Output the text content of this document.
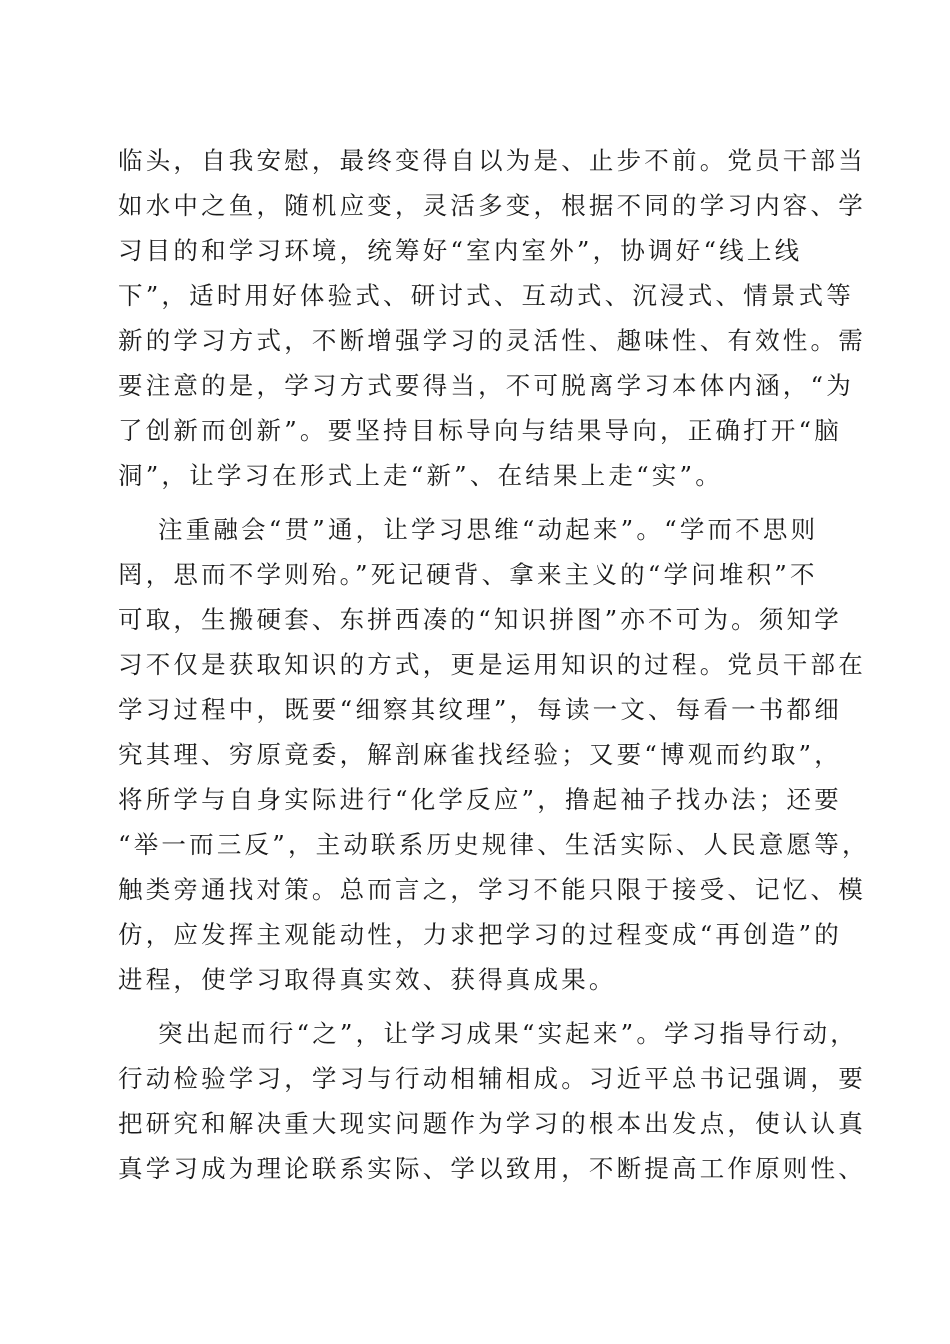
临头，自我安慰，最终变得自以为是、止步不前。党员干部当
如水中之鱼，随机应变，灵活多变，根据不同的学习内容、学
习目的和学习环境，统筹好“室内室外”，协调好“线上线
下”，适时用好体验式、研讨式、互动式、沉浸式、情景式等
新的学习方式，不断增强学习的灵活性、趣味性、有效性。需
要注意的是，学习方式要得当，不可脱离学习本体内涵，“为
了创新而创新”。要坚持目标导向与结果导向，正确打开“脑
洞”，让学习在形式上走“新”、在结果上走“实”。
注重融会“贯”通，让学习思维“动起来”。“学而不思则
罔，思而不学则殆。”死记硬背、拿来主义的“学问堆积”不
可取，生搬硬套、东拼西凑的“知识拼图”亦不可为。须知学
习不仅是获取知识的方式，更是运用知识的过程。党员干部在
学习过程中，既要“细察其纹理”，每读一文、每看一书都细
究其理、穷原竟委，解剖麻雀找经验；又要“博观而约取”，
将所学与自身实际进行“化学反应”，撸起袖子找办法；还要
“举一而三反”，主动联系历史规律、生活实际、人民意愿等，
触类旁通找对策。总而言之，学习不能只限于接受、记忆、模
仿，应发挥主观能动性，力求把学习的过程变成“再创造”的
进程，使学习取得真实效、获得真成果。
突出起而行“之”，让学习成果“实起来”。学习指导行动，
行动检验学习，学习与行动相辅相成。习近平总书记强调，要
把研究和解决重大现实问题作为学习的根本出发点，使认认真
真学习成为理论联系实际、学以致用，不断提高工作原则性、
